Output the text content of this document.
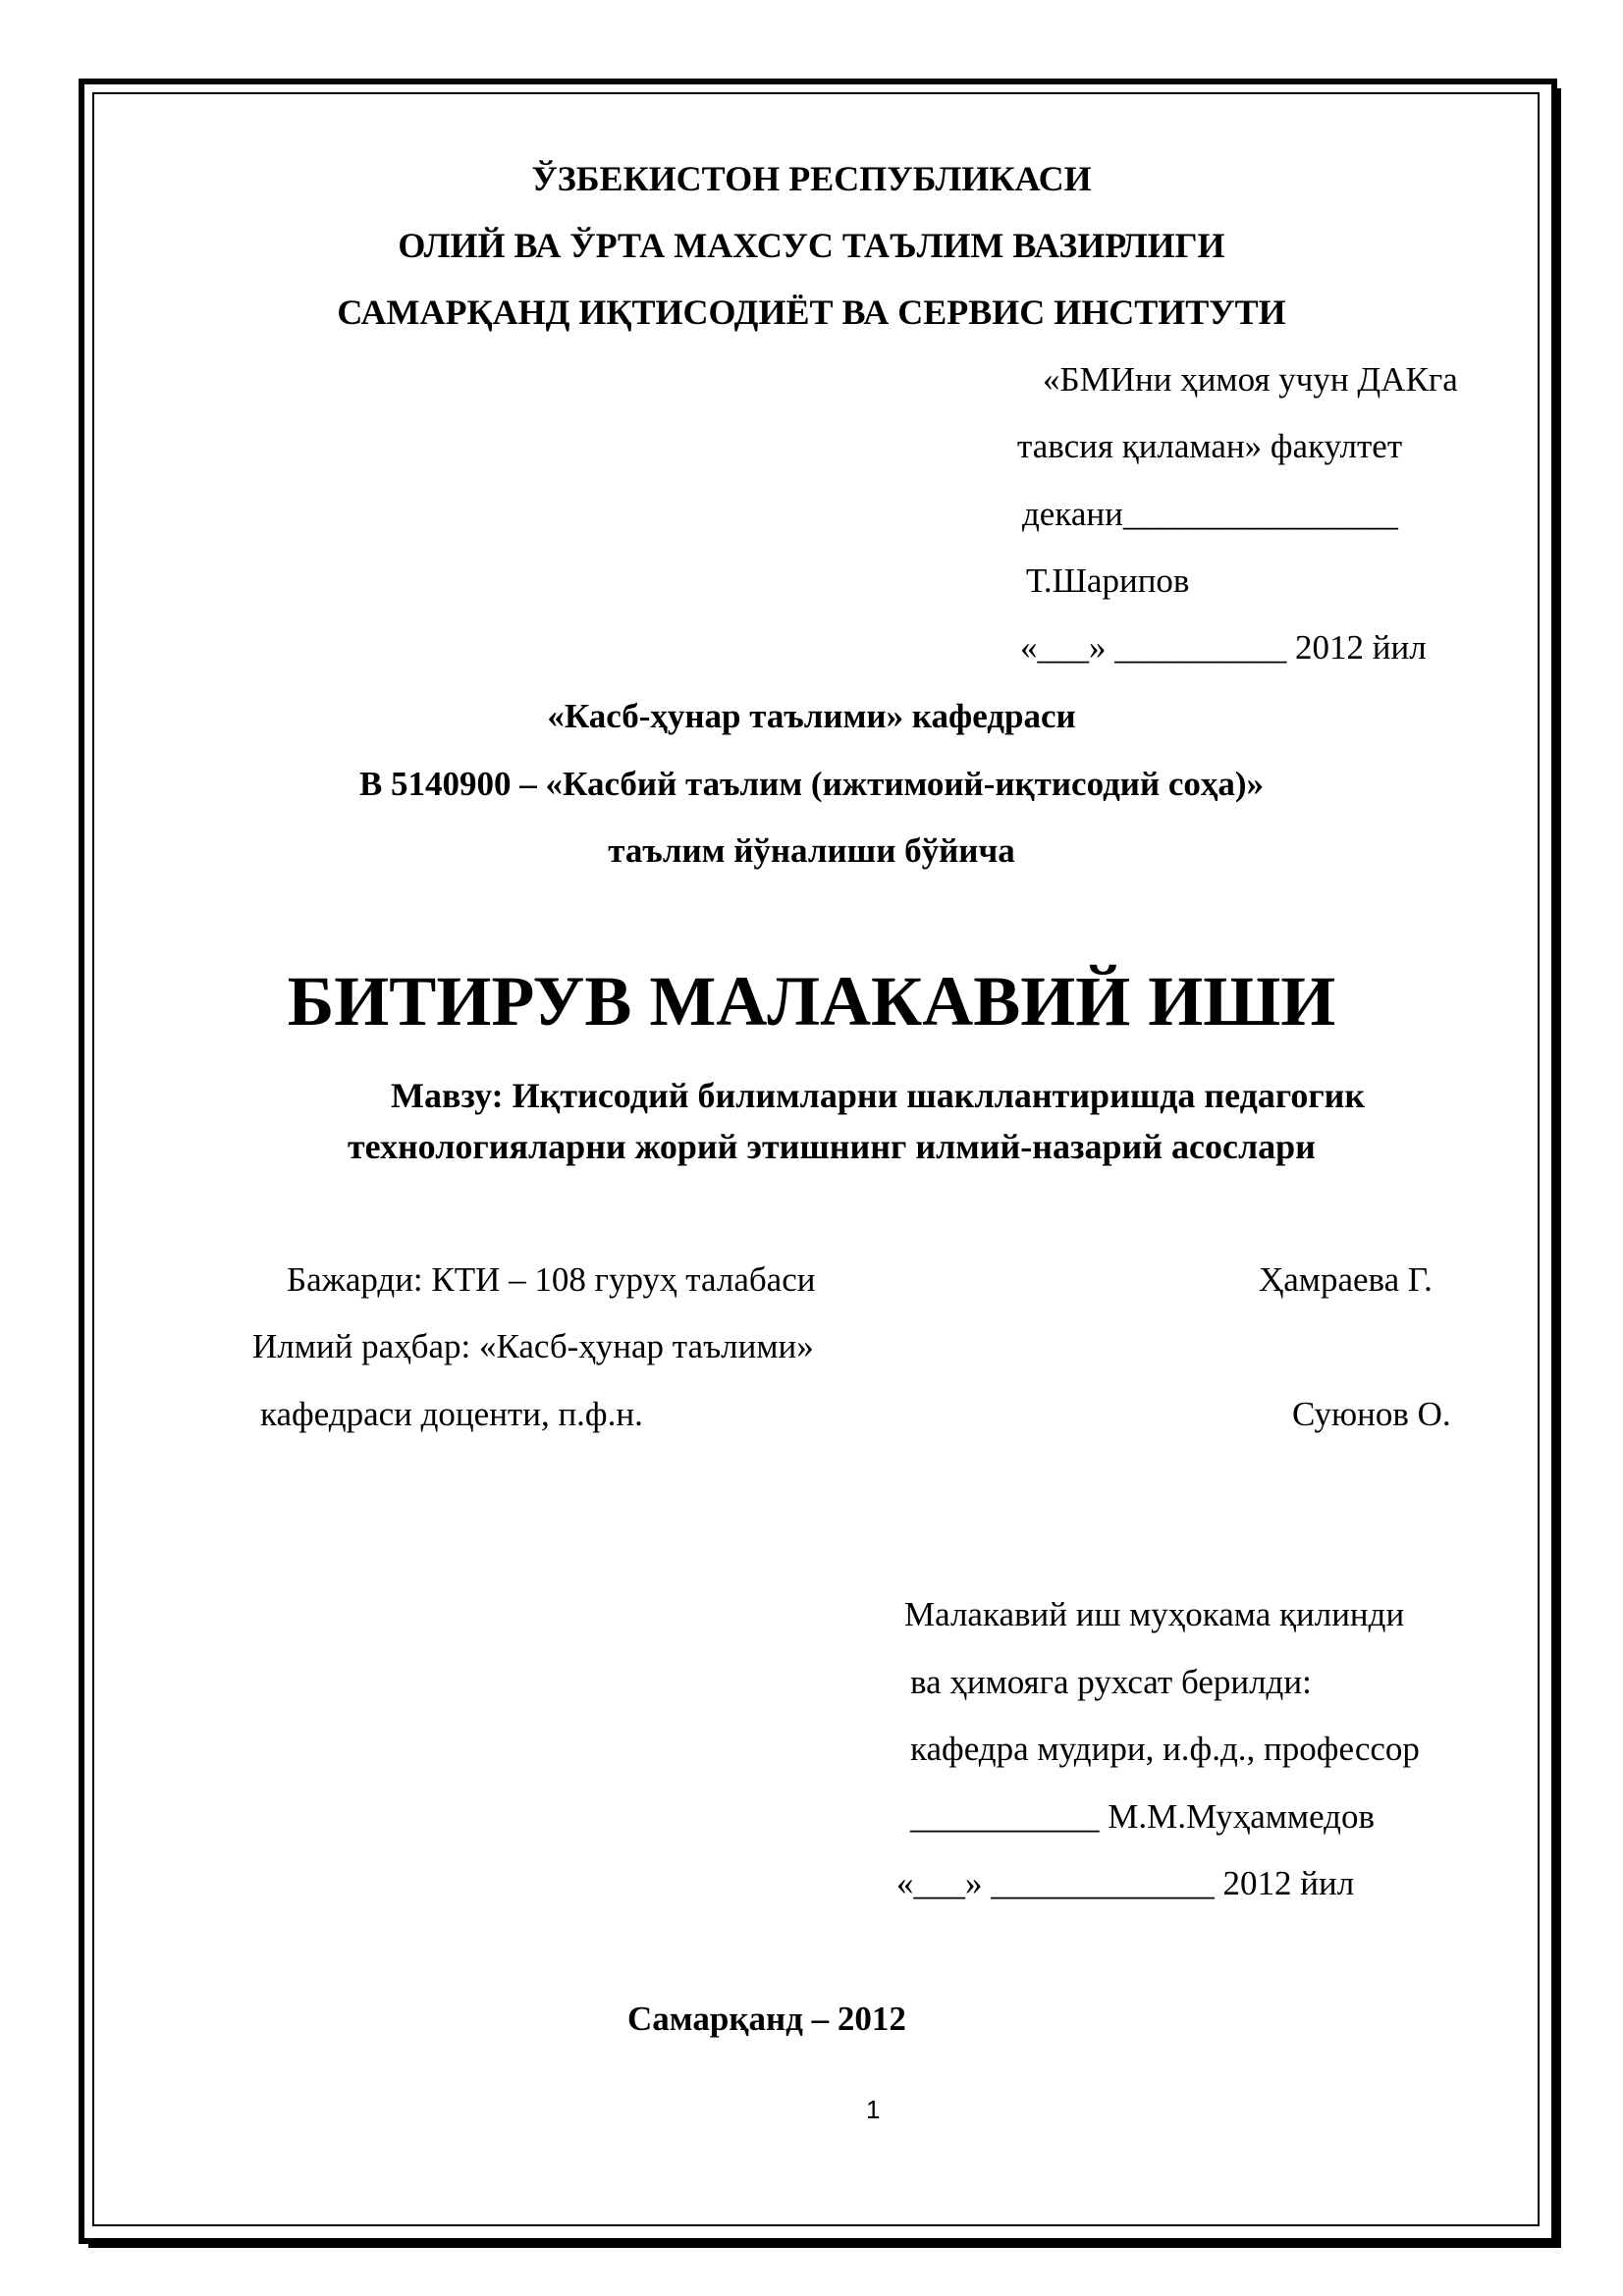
ЎЗБЕКИСТОН РЕСПУБЛИКАСИ
ОЛИЙ ВА ЎРТА МАХСУС ТАЪЛИМ ВАЗИРЛИГИ
САМАРҚАНД ИҚТИСОДИЁТ ВА СЕРВИС ИНСТИТУТИ
«БМИни ҳимоя учун ДАКга
тавсия қиламан» факултет
декани________________
Т.Шарипов
«___» __________ 2012 йил
«Касб-ҳунар таълими» кафедраси
В 5140900 – «Касбий таълим (ижтимоий-иқтисодий соҳа)»
таълим йўналиши бўйича
БИТИРУВ МАЛАКАВИЙ ИШИ
Мавзу: Иқтисодий билимларни шакллантиришда педагогик
технологияларни жорий этишнинг илмий-назарий асослари
Бажарди: КТИ – 108 гуруҳ талабаси	Ҳамраева Г.
Илмий раҳбар: «Касб-ҳунар таълими»
кафедраси доценти, п.ф.н.	Суюнов О.
Малакавий иш муҳокама қилинди
ва ҳимояга рухсат берилди:
кафедра мудири, и.ф.д., профессор
___________ М.М.Муҳаммедов
«___» _____________ 2012 йил
Самарқанд – 2012
1
